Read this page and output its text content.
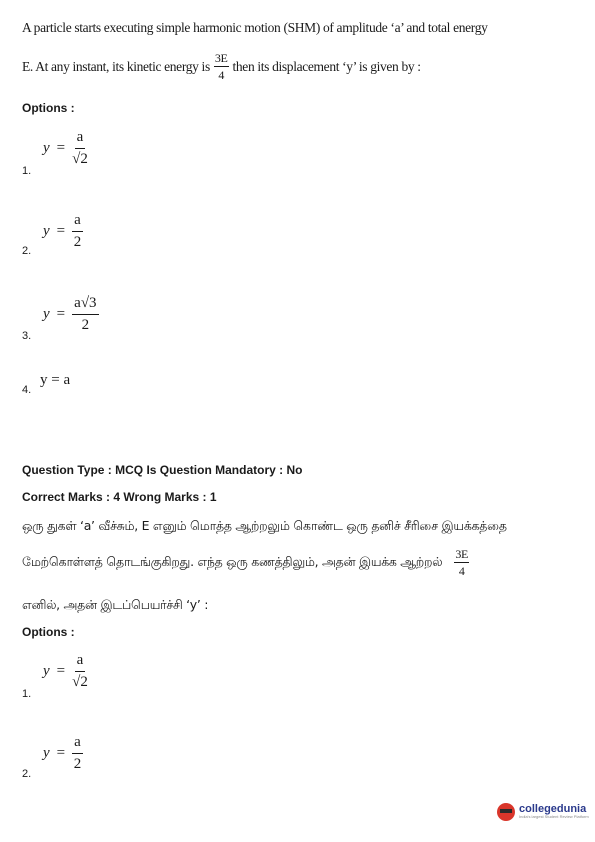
A particle starts executing simple harmonic motion (SHM) of amplitude ‘a’ and total energy
E. At any instant, its kinetic energy is $\frac{3E}{4}$ then its displacement ‘y’ is given by :
Options :
1.
$y = \frac{a}{√2}$
2.
$y = \frac{a}{2}$
3.
$y = \frac{a√3}{2}$
4.
y = a
Question Type : MCQ Is Question Mandatory : No
Correct Marks : 4 Wrong Marks : 1
ஒரு துகள் ‘a’ வீச்சும், E எனும் மொத்த ஆற்றலும் கொண்ட ஒரு தனிச் சீரிசை இயக்கத்தை
மேற்கொள்ளத் தொடங்குகிறது. எந்த ஒரு கணத்திலும், அதன் இயக்க ஆற்றல் $\frac{3E}{4}$
எனில், அதன் இடப்பெயர்ச்சி ‘y’ :
Options :
1.
$y = \frac{a}{√2}$
2.
$y = \frac{a}{2}$
collegedunia
India's largest Student Review Platform
